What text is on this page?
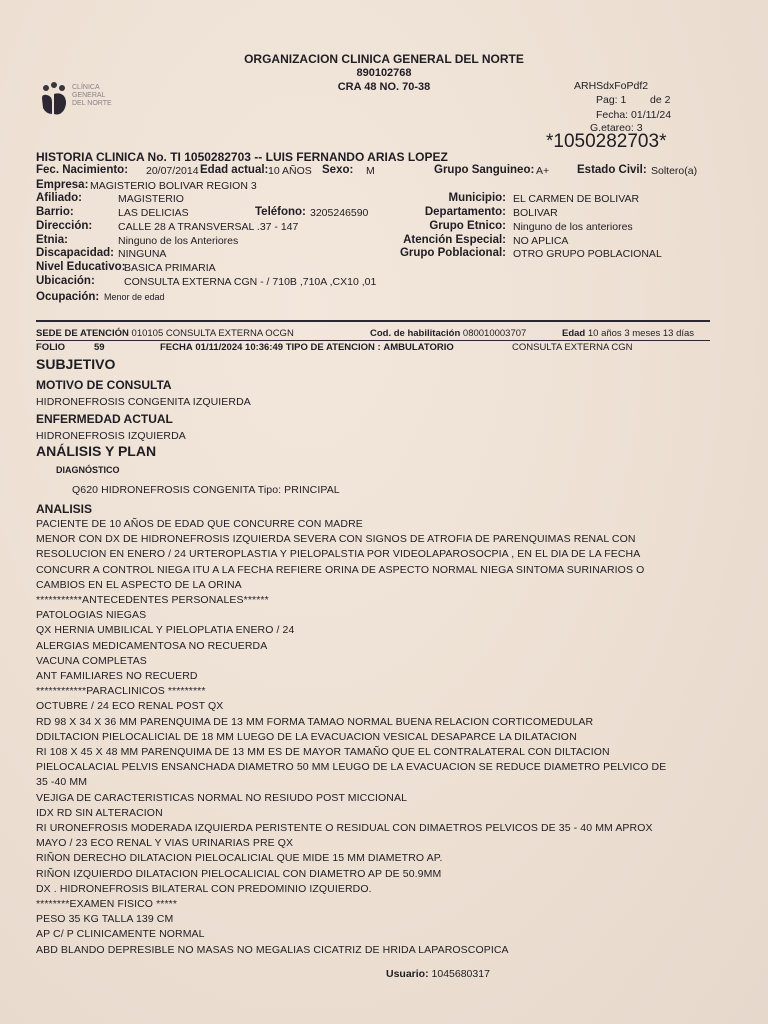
CLÍNICA
GENERAL
DEL NORTE
ORGANIZACION CLINICA GENERAL DEL NORTE
890102768
CRA 48 NO. 70-38	ARHSdxFoPdf2
Pag: 1 de 2
Fecha: 01/11/24
G.etareo: 3
*1050282703*
HISTORIA CLINICA No. TI 1050282703 -- LUIS FERNANDO ARIAS LOPEZ
Fec. Nacimiento: 20/07/2014 Edad actual: 10 AÑOS Sexo: M	Grupo Sanguineo: A+ Estado Civil: Soltero(a)
Empresa: MAGISTERIO BOLIVAR REGION 3
Afiliado:	MAGISTERIO	Municipio: EL CARMEN DE BOLIVAR
Barrio:	LAS DELICIAS	Teléfono: 3205246590	Departamento: BOLIVAR
Dirección: CALLE 28 A TRANSVERSAL .37 - 147	Grupo Etnico: Ninguno de los anteriores
Etnia:	Ninguno de los Anteriores	Atención Especial: NO APLICA
Discapacidad: NINGUNA	Grupo Poblacional: OTRO GRUPO POBLACIONAL
Nivel Educativo:
BASICA PRIMARIA
Ubicación:	CONSULTA EXTERNA CGN - / 710B ,710A ,CX10 ,01
Ocupación: Menor de edad
SEDE DE ATENCIÓN 010105 CONSULTA EXTERNA OCGN	Cod. de habilitación 080010003707	Edad 10 años 3 meses 13 días
FOLIO	59	FECHA 01/11/2024 10:36:49 TIPO DE ATENCION : AMBULATORIO	CONSULTA EXTERNA CGN
SUBJETIVO
MOTIVO DE CONSULTA
HIDRONEFROSIS CONGENITA IZQUIERDA
ENFERMEDAD ACTUAL
HIDRONEFROSIS IZQUIERDA
ANÁLISIS Y PLAN
DIAGNÓSTICO
Q620 HIDRONEFROSIS CONGENITA Tipo: PRINCIPAL
ANALISIS
PACIENTE DE 10 AÑOS DE EDAD QUE CONCURRE CON MADRE
MENOR CON DX DE HIDRONEFROSIS IZQUIERDA SEVERA CON SIGNOS DE ATROFIA DE PARENQUIMAS RENAL CON
RESOLUCION EN ENERO / 24 URTEROPLASTIA Y PIELOPALSTIA POR VIDEOLAPAROSOCPIA , EN EL DIA DE LA FECHA
CONCURR A CONTROL NIEGA ITU A LA FECHA REFIERE ORINA DE ASPECTO NORMAL NIEGA SINTOMA SURINARIOS O
CAMBIOS EN EL ASPECTO DE LA ORINA
***********ANTECEDENTES PERSONALES******
PATOLOGIAS NIEGAS
QX HERNIA UMBILICAL Y PIELOPLATIA ENERO / 24
ALERGIAS MEDICAMENTOSA NO RECUERDA
VACUNA COMPLETAS
ANT FAMILIARES NO RECUERD
************PARACLINICOS *********
OCTUBRE / 24 ECO RENAL POST QX
RD 98 X 34 X 36 MM PARENQUIMA DE 13 MM FORMA TAMAO NORMAL BUENA RELACION CORTICOMEDULAR
DDILTACION PIELOCALICIAL DE 18 MM LUEGO DE LA EVACUACION VESICAL DESAPARCE LA DILATACION
RI 108 X 45 X 48 MM PARENQUIMA DE 13 MM ES DE MAYOR TAMAÑO QUE EL CONTRALATERAL CON DILTACION
PIELOCALACIAL PELVIS ENSANCHADA DIAMETRO 50 MM LEUGO DE LA EVACUACION SE REDUCE DIAMETRO PELVICO DE
35 -40 MM
VEJIGA DE CARACTERISTICAS NORMAL NO RESIUDO POST MICCIONAL
IDX RD SIN ALTERACION
RI URONEFROSIS MODERADA IZQUIERDA PERISTENTE O RESIDUAL CON DIMAETROS PELVICOS DE 35 - 40 MM APROX
MAYO / 23 ECO RENAL Y VIAS URINARIAS PRE QX
RIÑON DERECHO DILATACION PIELOCALICIAL QUE MIDE 15 MM DIAMETRO AP.
RIÑON IZQUIERDO DILATACION PIELOCALICIAL CON DIAMETRO AP DE 50.9MM
DX . HIDRONEFROSIS BILATERAL CON PREDOMINIO IZQUIERDO.
********EXAMEN FISICO *****
PESO 35 KG TALLA 139 CM
AP C/ P CLINICAMENTE NORMAL
ABD BLANDO DEPRESIBLE NO MASAS NO MEGALIAS CICATRIZ DE HRIDA LAPAROSCOPICA
Usuario: 1045680317
